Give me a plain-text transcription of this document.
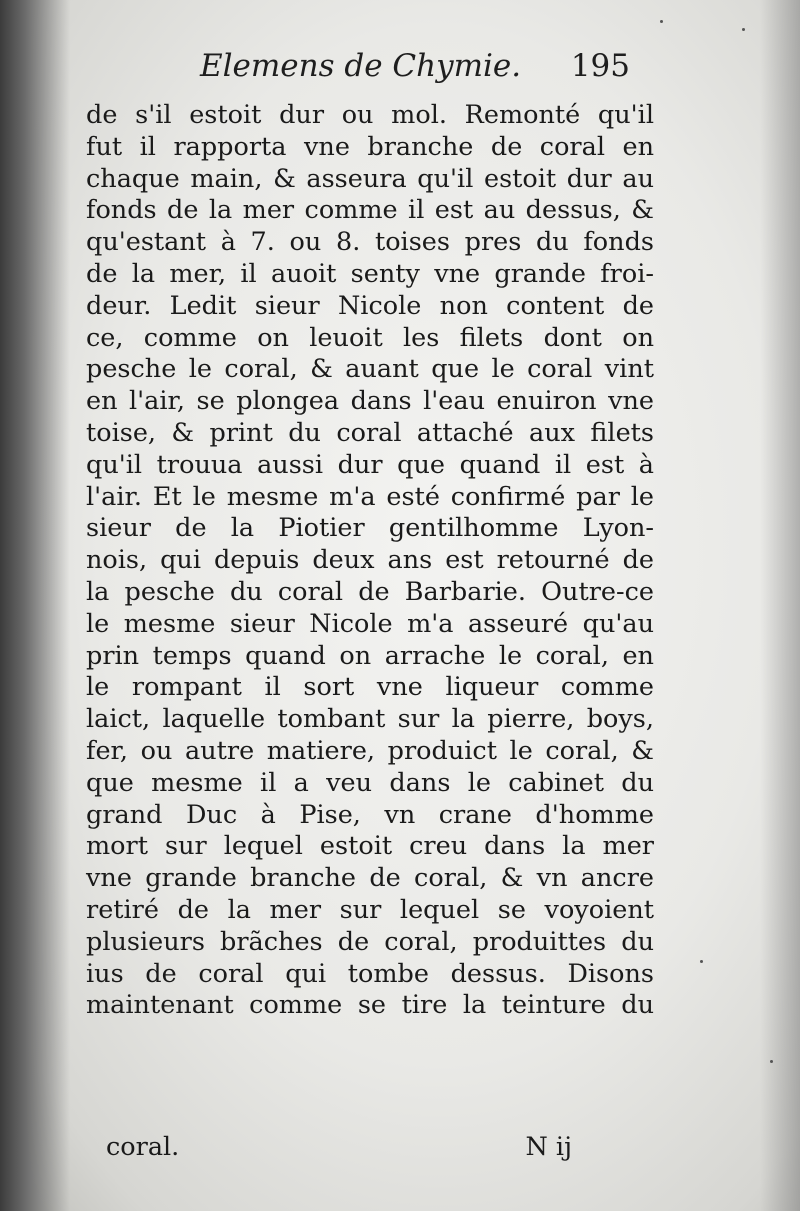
Elemens de Chymie. 195
de s'il estoit dur ou mol. Remonté qu'il
fut il rapporta vne branche de coral en
chaque main, & asseura qu'il estoit dur au
fonds de la mer comme il est au dessus, &
qu'estant à 7. ou 8. toises pres du fonds
de la mer, il auoit senty vne grande froi-
deur. Ledit sieur Nicole non content de
ce, comme on leuoit les filets dont on
pesche le coral, & auant que le coral vint
en l'air, se plongea dans l'eau enuiron vne
toise, & print du coral attaché aux filets
qu'il trouua aussi dur que quand il est à
l'air. Et le mesme m'a esté confirmé par le
sieur de la Piotier gentilhomme Lyon-
nois, qui depuis deux ans est retourné de
la pesche du coral de Barbarie. Outre-ce
le mesme sieur Nicole m'a asseuré qu'au
prin temps quand on arrache le coral, en
le rompant il sort vne liqueur comme
laict, laquelle tombant sur la pierre, boys,
fer, ou autre matiere, produict le coral, &
que mesme il a veu dans le cabinet du
grand Duc à Pise, vn crane d'homme
mort sur lequel estoit creu dans la mer
vne grande branche de coral, & vn ancre
retiré de la mer sur lequel se voyoient
plusieurs brãches de coral, produittes du
ius de coral qui tombe dessus. Disons
maintenant comme se tire la teinture du
coral.	N ij
